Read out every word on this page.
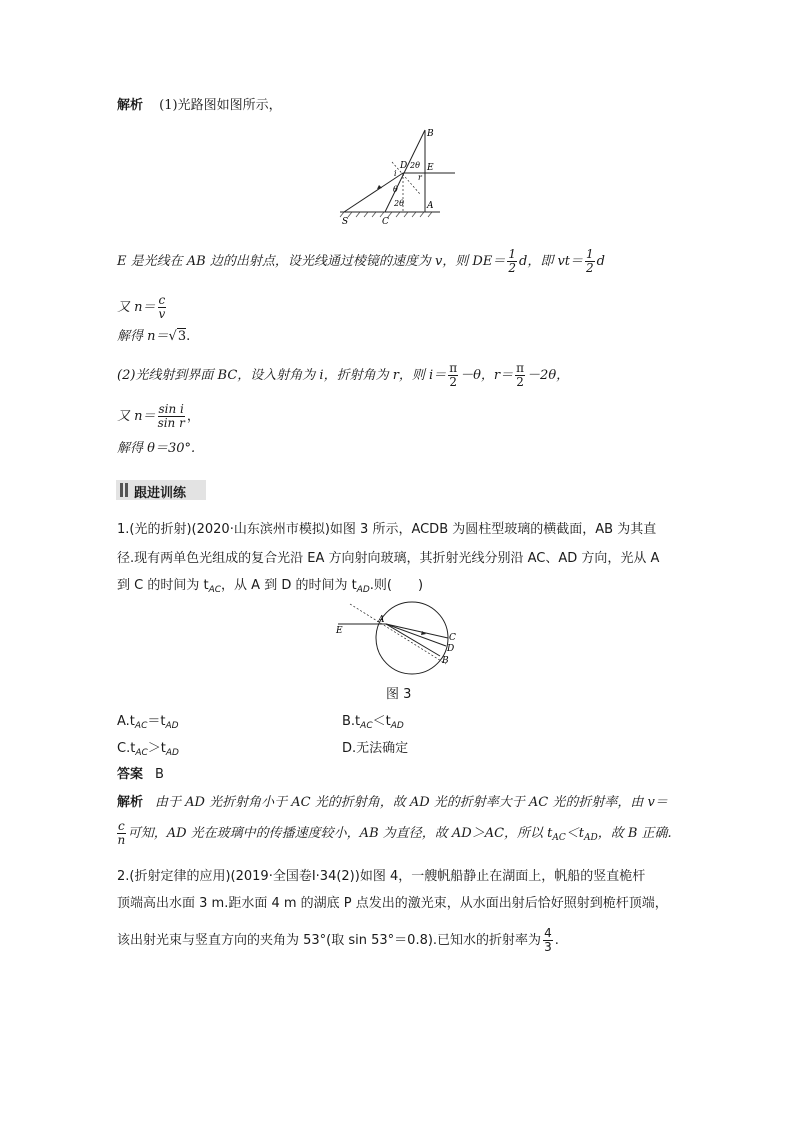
解析 (1)光路图如图所示，
B
D E
A
C
S
2θ
2θ
θ
i	r
E 是光线在 AB 边的出射点，设光线通过棱镜的速度为 v，则 $DE= \frac{1}{2}$ d，即 $vt= \frac{1}{2}$ d
又 $n= \frac{c}{v}$
解得 n＝√3.
(2)光线射到界面 BC，设入射角为 i，折射角为 r，则 $i= \frac{\pi}{2} -\theta$，$r= \frac{\pi}{2} -2\theta$，
又 $n= \frac{\text{sin i}}{\text{sin r}}$ ，
解得 θ＝30°.
跟进训练
1.(光的折射)(2020·山东滨州市模拟)如图 3 所示，ACDB 为圆柱型玻璃的横截面，AB 为其直
径.现有两单色光组成的复合光沿 EA 方向射向玻璃，其折射光线分别沿 AC、AD 方向，光从 A
到 C 的时间为 $t_{AC}$，从 A 到 D 的时间为 $t_{AD}$.则(　　)
E
A
C
D
B
图 3
$A.t_{AC}=t_{AD}$	$B.t_{AC}<t_{AD}$
$C.t_{AC}>t_{AD}$	D.无法确定
答案 B
解析 由于 AD 光折射角小于 AC 光的折射角，故 AD 光的折射率大于 AC 光的折射率，由 v＝
$\frac{c}{n}$ 可知，AD 光在玻璃中的传播速度较小，AB 为直径，故 AD＞AC，所以 $t_{AC}<t_{AD}$，故 B 正确.
2.(折射定律的应用)(2019·全国卷Ⅰ·34(2))如图 4，一艘帆船静止在湖面上，帆船的竖直桅杆
顶端高出水面 3 m.距水面 4 m 的湖底 P 点发出的激光束，从水面出射后恰好照射到桅杆顶端，
该出射光束与竖直方向的夹角为 53°(取 sin 53°＝0.8).已知水的折射率为 $\frac{4}{3}$ .
